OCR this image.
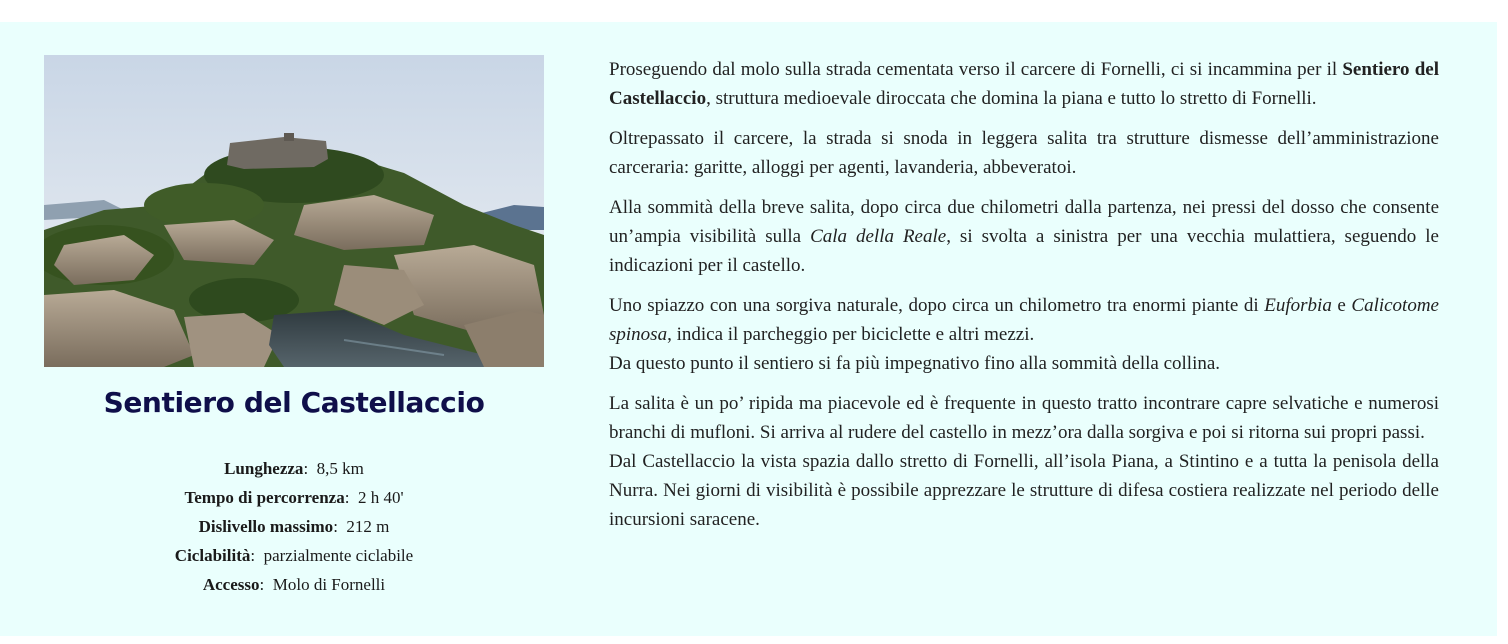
Sentiero del Castellaccio
Lunghezza:  8,5 km
Tempo di percorrenza:  2 h 40'
Dislivello massimo:  212 m
Ciclabilità:  parzialmente ciclabile
Accesso:  Molo di Fornelli

Proseguendo dal molo sulla strada cementata verso il carcere di Fornelli, ci si incammina per il Sentiero del Castellaccio, struttura medioevale diroccata che domina la piana e tutto lo stretto di Fornelli.

Oltrepassato il carcere, la strada si snoda in leggera salita tra strutture dismesse dell’amministrazione carceraria: garitte, alloggi per agenti, lavanderia, abbeveratoi.

Alla sommità della breve salita, dopo circa due chilometri dalla partenza, nei pressi del dosso che consente un’ampia visibilità sulla Cala della Reale, si svolta a sinistra per una vecchia mulattiera, seguendo le indicazioni per il castello.

Uno spiazzo con una sorgiva naturale, dopo circa un chilometro tra enormi piante di Euforbia e Calicotome spinosa, indica il parcheggio per biciclette e altri mezzi.
Da questo punto il sentiero si fa più impegnativo fino alla sommità della collina.

La salita è un po’ ripida ma piacevole ed è frequente in questo tratto incontrare capre selvatiche e numerosi branchi di mufloni. Si arriva al rudere del castello in mezz’ora dalla sorgiva e poi si ritorna sui propri passi.
Dal Castellaccio la vista spazia dallo stretto di Fornelli, all’isola Piana, a Stintino e a tutta la penisola della Nurra. Nei giorni di visibilità è possibile apprezzare le strutture di difesa costiera realizzate nel periodo delle incursioni saracene.
